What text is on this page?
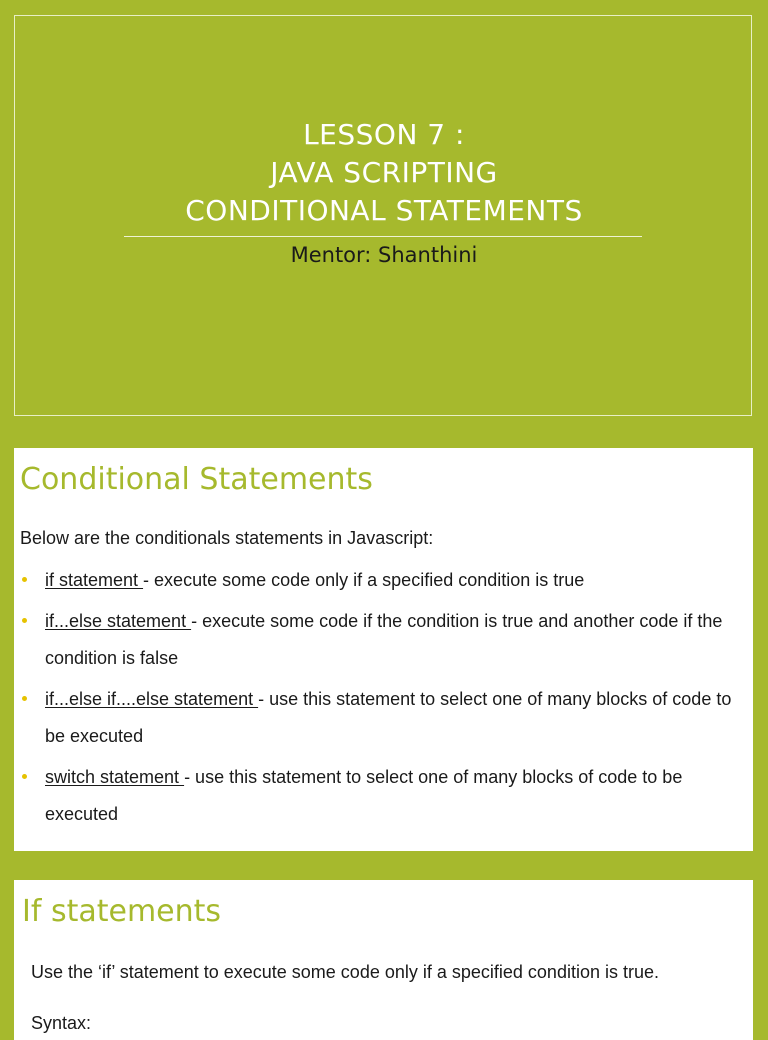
LESSON 7 :
JAVA SCRIPTING
CONDITIONAL STATEMENTS
Mentor: Shanthini
Conditional Statements
Below are the conditionals statements in Javascript:
if statement - execute some code only if a specified condition is true
if...else statement - execute some code if the condition is true and another code if the condition is false
if...else if....else statement - use this statement to select one of many blocks of code to be executed
switch statement - use this statement to select one of many blocks of code to be executed
If statements
Use the ‘if’ statement to execute some code only if a specified condition is true.
Syntax:
